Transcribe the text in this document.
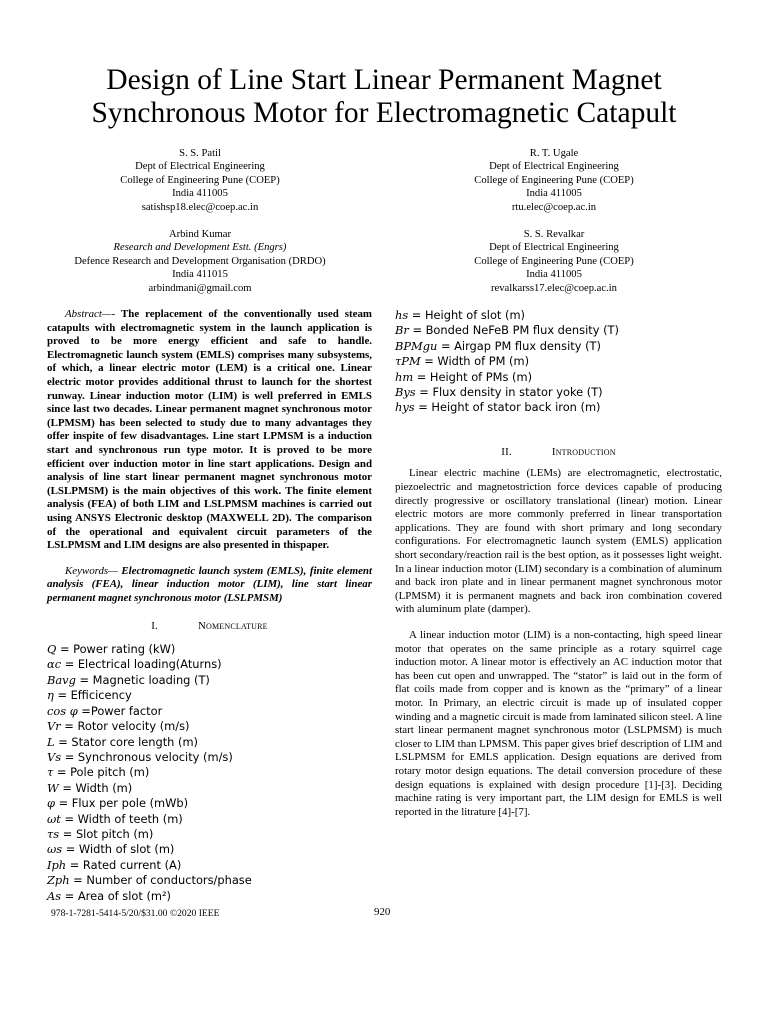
Design of Line Start Linear Permanent Magnet Synchronous Motor for Electromagnetic Catapult
S. S. Patil
Dept of Electrical Engineering
College of Engineering Pune (COEP)
India 411005
satishsp18.elec@coep.ac.in
R. T. Ugale
Dept of Electrical Engineering
College of Engineering Pune (COEP)
India 411005
rtu.elec@coep.ac.in
Arbind Kumar
Research and Development Estt. (Engrs)
Defence Research and Development Organisation (DRDO)
India 411015
arbindmani@gmail.com
S. S. Revalkar
Dept of Electrical Engineering
College of Engineering Pune (COEP)
India 411005
revalkarss17.elec@coep.ac.in

Abstract—- The replacement of the conventionally used steam catapults with electromagnetic system in the launch application is proved to be more energy efficient and safe to handle. Electromagnetic launch system (EMLS) comprises many subsystems, of which, a linear electric motor (LEM) is a critical one. Linear electric motor provides additional thrust to launch for the shortest runway. Linear induction motor (LIM) is well preferred in EMLS since last two decades. Linear permanent magnet synchronous motor (LPMSM) has been selected to study due to many advantages they offer inspite of few disadvantages. Line start LPMSM is a induction start and synchronous run type motor. It is proved to be more efficient over induction motor in line start applications. Design and analysis of line start linear permanent magnet synchronous motor (LSLPMSM) is the main objectives of this work. The finite element analysis (FEA) of both LIM and LSLPMSM machines is carried out using ANSYS Electronic desktop (MAXWELL 2D). The comparison of the operational and equivalent circuit parameters of the LSLPMSM and LIM designs are also presented in thispaper.

Keywords— Electromagnetic launch system (EMLS), finite element analysis (FEA), linear induction motor (LIM), line start linear permanent magnet synchronous motor (LSLPMSM)

I.	Nomenclature
Q = Power rating (kW)
αc = Electrical loading(Aturns)
Bavg = Magnetic loading (T)
η = Efficicency
cos φ =Power factor
Vr = Rotor velocity (m/s)
L = Stator core length (m)
Vs = Synchronous velocity (m/s)
τ = Pole pitch (m)
W = Width (m)
φ = Flux per pole (mWb)
ωt = Width of teeth (m)
τs = Slot pitch (m)
ωs = Width of slot (m)
Iph = Rated current (A)
Zph = Number of conductors/phase
As = Area of slot (m²)
hs = Height of slot (m)
Br = Bonded NeFeB PM flux density (T)
BPMgu = Airgap PM flux density (T)
τPM = Width of PM (m)
hm = Height of PMs (m)
Bys = Flux density in stator yoke (T)
hys = Height of stator back iron (m)
II.	Introduction

Linear electric machine (LEMs) are electromagnetic, electrostatic, piezoelectric and magnetostriction force devices capable of producing directly progressive or oscillatory translational (linear) motion. Linear electric motors are more commonly preferred in linear transportation applications. They are found with short primary and long secondary configurations. For electromagnetic launch system (EMLS) application short secondary/reaction rail is the best option, as it possesses light weight. In a linear induction motor (LIM) secondary is a combination of aluminum and back iron plate and in linear permanent magnet synchronous motor (LPMSM) it is permanent magnets and back iron combination covered with aluminum plate (damper).

A linear induction motor (LIM) is a non-contacting, high speed linear motor that operates on the same principle as a rotary squirrel cage induction motor. A linear motor is effectively an AC induction motor that has been cut open and unwrapped. The “stator” is laid out in the form of flat coils made from copper and is known as the “primary” of a linear motor. In Primary, an electric circuit is made up of insulated copper winding and a magnetic circuit is made from laminated silicon steel. A line start linear permanent magnet synchronous motor (LSLPMSM) is much closer to LIM than LPMSM. This paper gives brief description of LIM and LSLPMSM for EMLS application. Design equations are derived from rotary motor design equations. The detail conversion procedure of these design equations is explained with design procedure [1]-[3]. Deciding machine rating is very important part, the LIM design for EMLS is well reported in the litrature [4]-[7].

978-1-7281-5414-5/20/$31.00 ©2020 IEEE	920
